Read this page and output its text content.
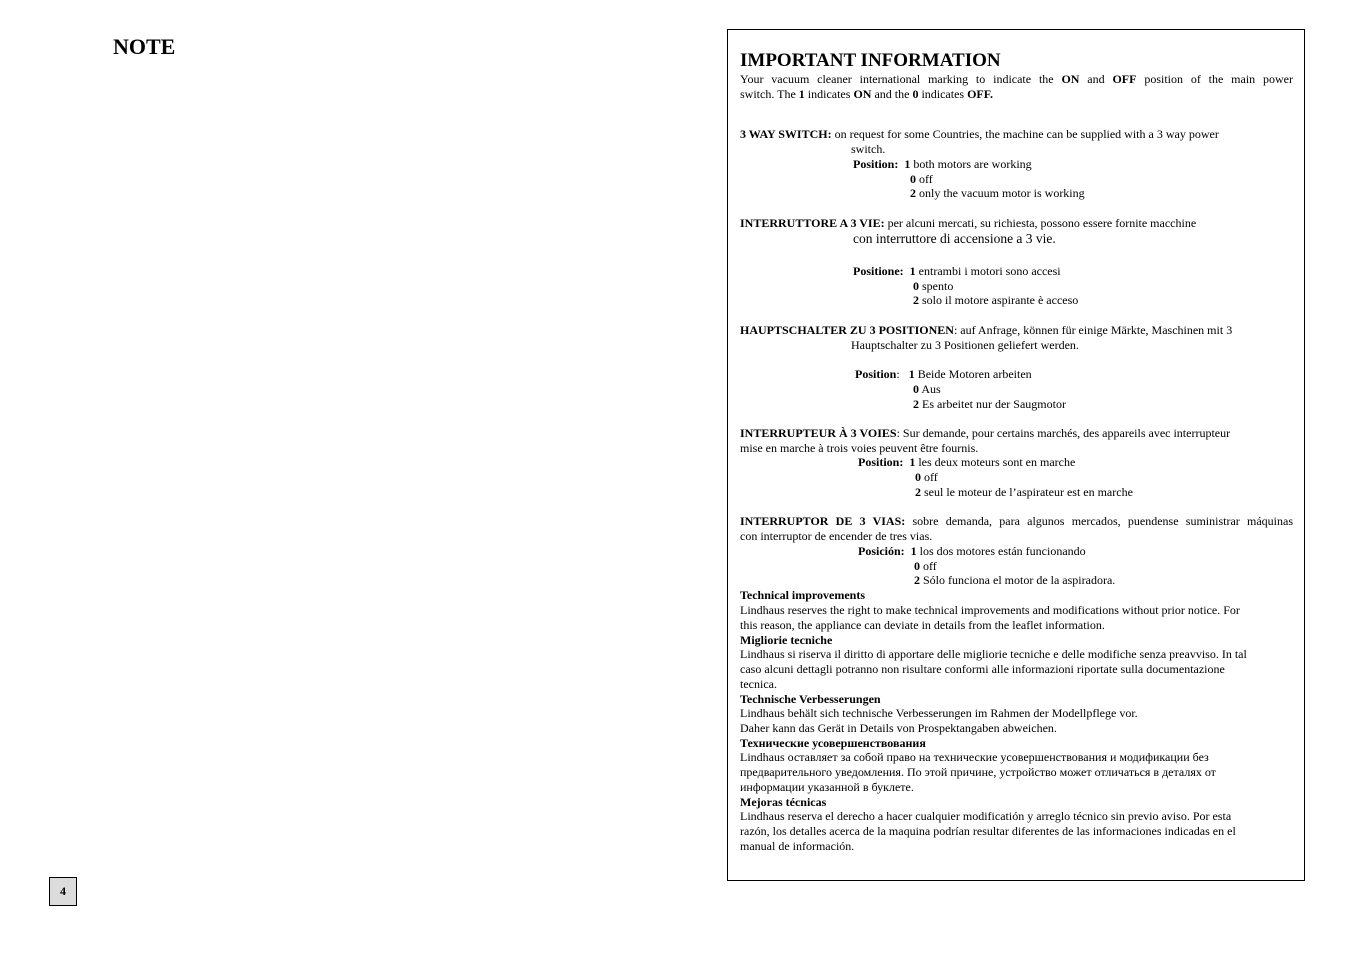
NOTE
4
IMPORTANT INFORMATION
Your vacuum cleaner international marking to indicate the ON and OFF position of the main power
switch. The 1 indicates ON and the 0 indicates OFF.
3 WAY SWITCH: on request for some Countries, the machine can be supplied with a 3 way power
switch.
Position: 1 both motors are working
0 off
2 only the vacuum motor is working
INTERRUTTORE A 3 VIE: per alcuni mercati, su richiesta, possono essere fornite macchine
con interruttore di accensione a 3 vie.
Positione: 1 entrambi i motori sono accesi
0 spento
2 solo il motore aspirante è acceso
HAUPTSCHALTER ZU 3 POSITIONEN: auf Anfrage, können für einige Märkte, Maschinen mit 3
Hauptschalter zu 3 Positionen geliefert werden.
Position: 1 Beide Motoren arbeiten
0 Aus
2 Es arbeitet nur der Saugmotor
INTERRUPTEUR À 3 VOIES: Sur demande, pour certains marchés, des appareils avec interrupteur
mise en marche à trois voies peuvent être fournis.
Position: 1 les deux moteurs sont en marche
0 off
2 seul le moteur de l’aspirateur est en marche
INTERRUPTOR DE 3 VIAS: sobre demanda, para algunos mercados, puendense suministrar máquinas
con interruptor de encender de tres vias.
Posición: 1 los dos motores están funcionando
0 off
2 Sólo funciona el motor de la aspiradora.
Technical improvements
Lindhaus reserves the right to make technical improvements and modifications without prior notice. For
this reason, the appliance can deviate in details from the leaflet information.
Migliorie tecniche
Lindhaus si riserva il diritto di apportare delle migliorie tecniche e delle modifiche senza preavviso. In tal
caso alcuni dettagli potranno non risultare conformi alle informazioni riportate sulla documentazione
tecnica.
Technische Verbesserungen
Lindhaus behält sich technische Verbesserungen im Rahmen der Modellpflege vor.
Daher kann das Gerät in Details von Prospektangaben abweichen.
Технические усовершенствования
Lindhaus оставляет за собой право на технические усовершенствования и модификации без
предварительного уведомления. По этой причине, устройство может отличаться в деталях от
информации указанной в буклете.
Mejoras técnicas
Lindhaus reserva el derecho a hacer cualquier modificatión y arreglo técnico sin previo aviso. Por esta
razón, los detalles acerca de la maquina podrían resultar diferentes de las informaciones indicadas en el
manual de información.
